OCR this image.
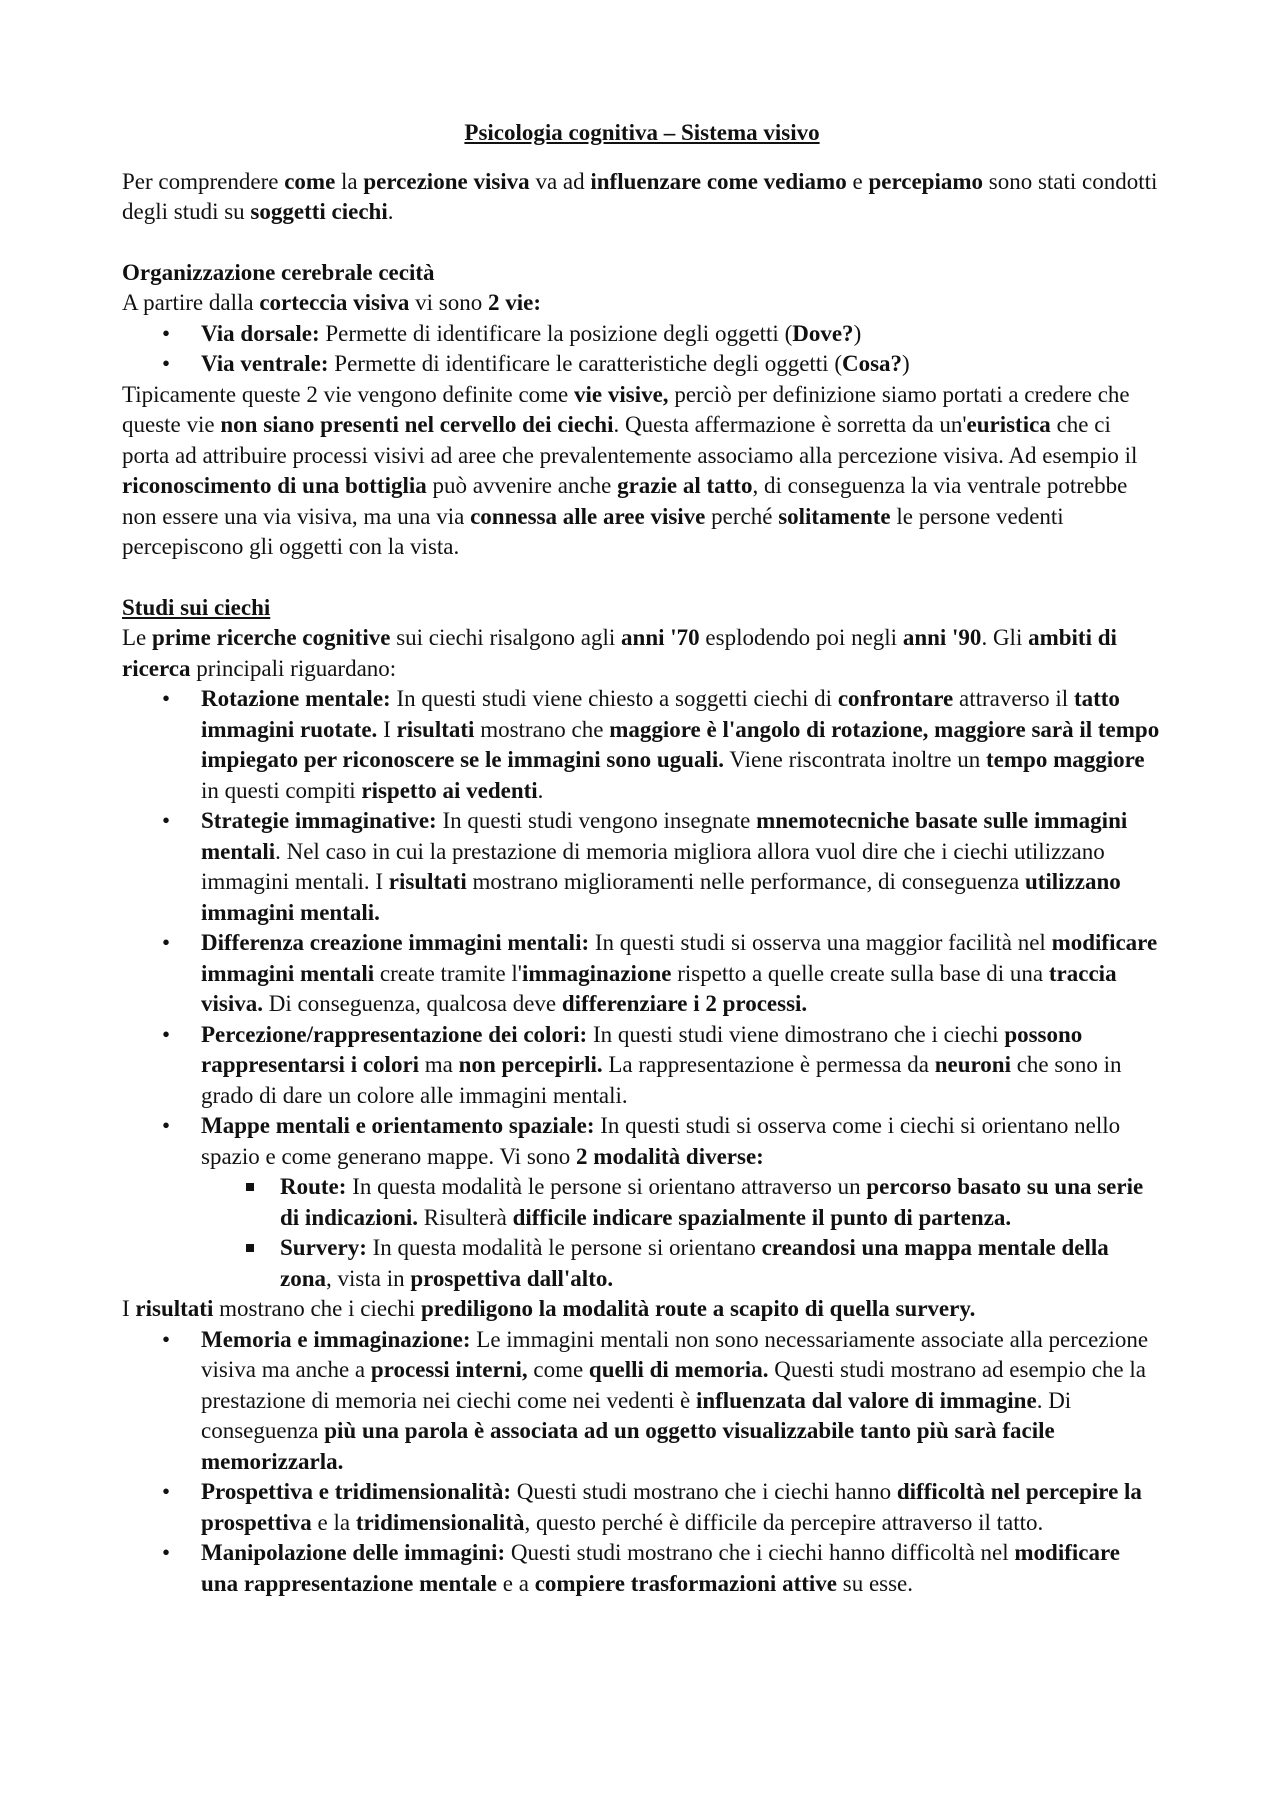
Psicologia cognitiva – Sistema visivo

Per comprendere come la percezione visiva va ad influenzare come vediamo e percepiamo sono stati condotti degli studi su soggetti ciechi.

Organizzazione cerebrale cecità

A partire dalla corteccia visiva vi sono 2 vie:

• Via dorsale: Permette di identificare la posizione degli oggetti (Dove?)
• Via ventrale: Permette di identificare le caratteristiche degli oggetti (Cosa?)

Tipicamente queste 2 vie vengono definite come vie visive, perciò per definizione siamo portati a credere che queste vie non siano presenti nel cervello dei ciechi. Questa affermazione è sorretta da un'euristica che ci porta ad attribuire processi visivi ad aree che prevalentemente associamo alla percezione visiva. Ad esempio il riconoscimento di una bottiglia può avvenire anche grazie al tatto, di conseguenza la via ventrale potrebbe non essere una via visiva, ma una via connessa alle aree visive perché solitamente le persone vedenti percepiscono gli oggetti con la vista.

Studi sui ciechi

Le prime ricerche cognitive sui ciechi risalgono agli anni '70 esplodendo poi negli anni '90. Gli ambiti di ricerca principali riguardano:

• Rotazione mentale: In questi studi viene chiesto a soggetti ciechi di confrontare attraverso il tatto immagini ruotate. I risultati mostrano che maggiore è l'angolo di rotazione, maggiore sarà il tempo impiegato per riconoscere se le immagini sono uguali. Viene riscontrata inoltre un tempo maggiore in questi compiti rispetto ai vedenti.
• Strategie immaginative: In questi studi vengono insegnate mnemotecniche basate sulle immagini mentali. Nel caso in cui la prestazione di memoria migliora allora vuol dire che i ciechi utilizzano immagini mentali. I risultati mostrano miglioramenti nelle performance, di conseguenza utilizzano immagini mentali.
• Differenza creazione immagini mentali: In questi studi si osserva una maggior facilità nel modificare immagini mentali create tramite l'immaginazione rispetto a quelle create sulla base di una traccia visiva. Di conseguenza, qualcosa deve differenziare i 2 processi.
• Percezione/rappresentazione dei colori: In questi studi viene dimostrano che i ciechi possono rappresentarsi i colori ma non percepirli. La rappresentazione è permessa da neuroni che sono in grado di dare un colore alle immagini mentali.
• Mappe mentali e orientamento spaziale: In questi studi si osserva come i ciechi si orientano nello spazio e come generano mappe. Vi sono 2 modalità diverse:
Route: In questa modalità le persone si orientano attraverso un percorso basato su una serie di indicazioni. Risulterà difficile indicare spazialmente il punto di partenza.
Survery: In questa modalità le persone si orientano creandosi una mappa mentale della zona, vista in prospettiva dall'alto.

I risultati mostrano che i ciechi prediligono la modalità route a scapito di quella survery.

• Memoria e immaginazione: Le immagini mentali non sono necessariamente associate alla percezione visiva ma anche a processi interni, come quelli di memoria. Questi studi mostrano ad esempio che la prestazione di memoria nei ciechi come nei vedenti è influenzata dal valore di immagine. Di conseguenza più una parola è associata ad un oggetto visualizzabile tanto più sarà facile memorizzarla.
• Prospettiva e tridimensionalità: Questi studi mostrano che i ciechi hanno difficoltà nel percepire la prospettiva e la tridimensionalità, questo perché è difficile da percepire attraverso il tatto.
• Manipolazione delle immagini: Questi studi mostrano che i ciechi hanno difficoltà nel modificare una rappresentazione mentale e a compiere trasformazioni attive su esse.
